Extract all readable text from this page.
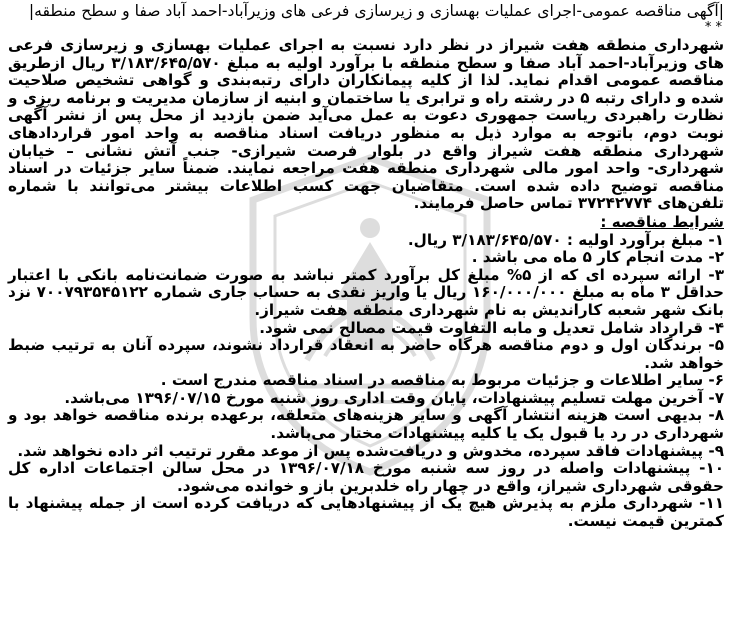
|آگهی مناقصه عمومی-اجرای عملیات بهسازی و زیرسازی فرعی های وزیرآباد-احمد آباد صفا و سطح منطقه|
* *
شهرداری منطقه هفت شیراز در نظر دارد نسبت به اجرای عملیات بهسازی و زیرسازی فرعی های وزیرآباد-احمد آباد صفا و سطح منطقه با برآورد اولیه به مبلغ ۳/۱۸۳/۶۴۵/۵۷۰ ریال ازطریق مناقصه عمومی اقدام نماید. لذا از کلیه پیمانکاران دارای رتبه‌بندی و گواهی تشخیص صلاحیت شده و دارای رتبه ۵ در رشته راه و ترابری یا ساختمان و ابنیه از سازمان مدیریت و برنامه ریزی و نظارت راهبردی ریاست جمهوری دعوت به عمل می‌آید ضمن بازدید از محل پس از نشر آگهی نوبت دوم، باتوجه به موارد ذیل به منظور دریافت اسناد مناقصه به واحد امور قراردادهای شهرداری منطقه هفت شیراز واقع در بلوار فرصت شیرازی- جنب آتش نشانی – خیابان شهرداری- واحد امور مالی شهرداری منطقه هفت مراجعه نمایند. ضمناً سایر جزئیات در اسناد مناقصه توضیح داده شده است. متقاضیان جهت کسب اطلاعات بیشتر می‌توانند با شماره تلفن‌های ۳۷۲۴۲۷۷۴ تماس حاصل فرمایند.
شرایط مناقصه :
۱- مبلغ برآورد اولیه : ۳/۱۸۳/۶۴۵/۵۷۰ ریال.
۲- مدت انجام کار ۵ ماه می باشد .
۳- ارائه سپرده ای که از ۵% مبلغ کل برآورد کمتر نباشد به صورت ضمانت‌نامه بانکی با اعتبار حداقل ۳ ماه به مبلغ ۱۶۰/۰۰۰/۰۰۰ ریال یا واریز نقدی به حساب جاری شماره ۷۰۰۷۹۳۵۴۵۱۲۲ نزد بانک شهر شعبه کاراندیش به نام شهرداری منطقه هفت شیراز.
۴- قرارداد شامل تعدیل و مابه التفاوت قیمت مصالح نمی شود.
۵- برندگان اول و دوم مناقصه هرگاه حاضر به انعقاد قرارداد نشوند، سپرده آنان به ترتیب ضبط خواهد شد.
۶- سایر اطلاعات و جزئیات مربوط به مناقصه در اسناد مناقصه مندرج است .
۷- آخرین مهلت تسلیم پیشنهادات، پایان وقت اداری روز شنبه مورخ ۱۳۹۶/۰۷/۱۵ می‌باشد.
۸- بدیهی است هزینه انتشار آگهی و سایر هزینه‌های متعلقه، برعهده برنده مناقصه خواهد بود و شهرداری در رد یا قبول یک یا کلیه پیشنهادات مختار می‌باشد.
۹- پیشنهادات فاقد سپرده، مخدوش و دریافت‌شده پس از موعد مقرر ترتیب اثر داده نخواهد شد.
۱۰- پیشنهادات واصله در روز سه شنبه مورخ ۱۳۹۶/۰۷/۱۸ در محل سالن اجتماعات اداره کل حقوقی شهرداری شیراز، واقع در چهار راه خلدبرین باز و خوانده می‌شود.
۱۱- شهرداری ملزم به پذیرش هیچ یک از پیشنهادهایی که دریافت کرده است از جمله پیشنهاد با کمترین قیمت نیست.
